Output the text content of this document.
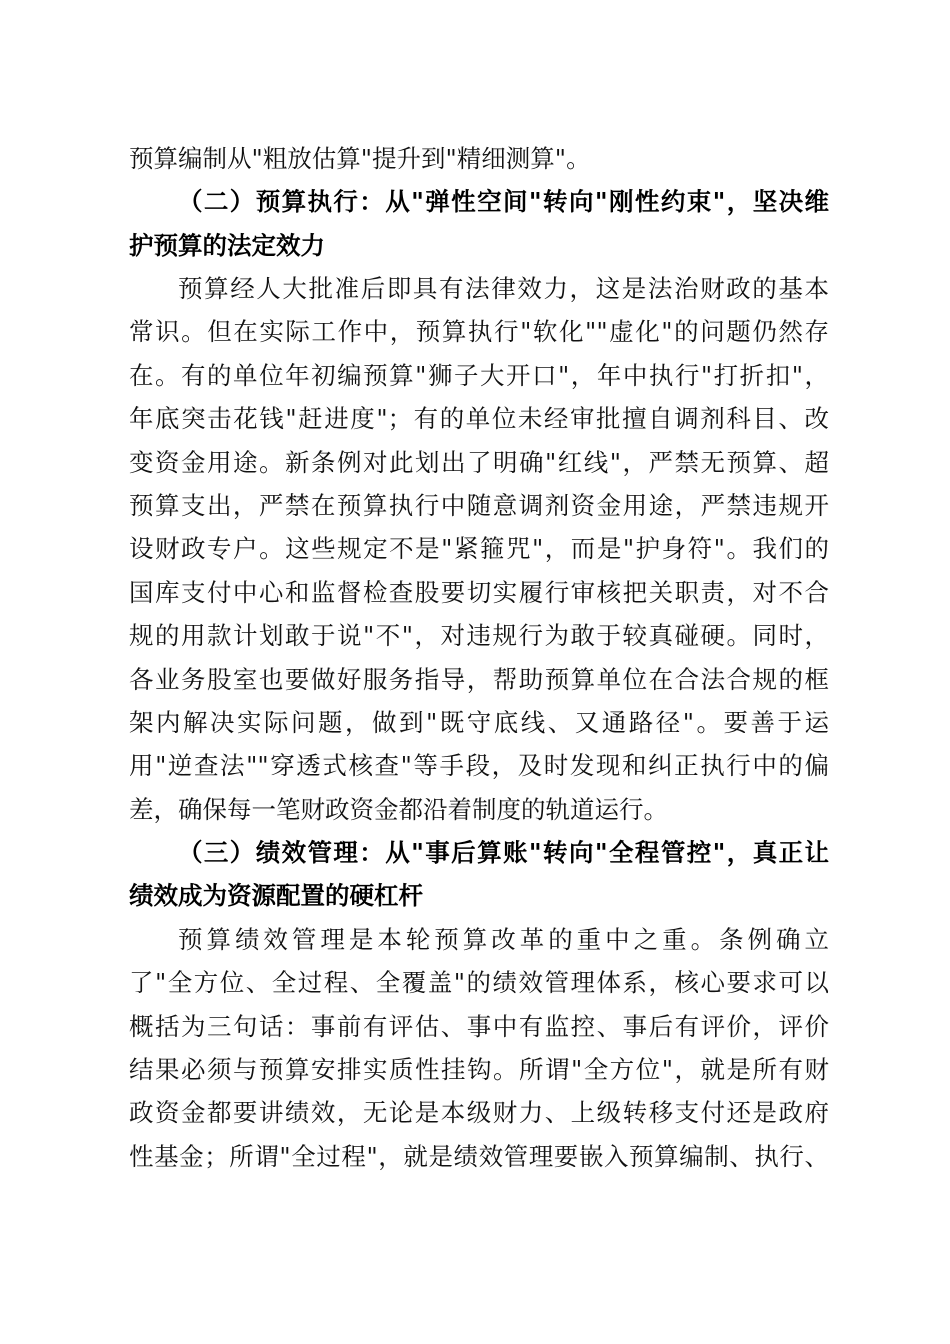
预算编制从"粗放估算"提升到"精细测算"。
（二）预算执行：从"弹性空间"转向"刚性约束"，坚决维
护预算的法定效力
预算经人大批准后即具有法律效力，这是法治财政的基本
常识。但在实际工作中，预算执行"软化""虚化"的问题仍然存
在。有的单位年初编预算"狮子大开口"，年中执行"打折扣"，
年底突击花钱"赶进度"；有的单位未经审批擅自调剂科目、改
变资金用途。新条例对此划出了明确"红线"，严禁无预算、超
预算支出，严禁在预算执行中随意调剂资金用途，严禁违规开
设财政专户。这些规定不是"紧箍咒"，而是"护身符"。我们的
国库支付中心和监督检查股要切实履行审核把关职责，对不合
规的用款计划敢于说"不"，对违规行为敢于较真碰硬。同时，
各业务股室也要做好服务指导，帮助预算单位在合法合规的框
架内解决实际问题，做到"既守底线、又通路径"。要善于运
用"逆查法""穿透式核查"等手段，及时发现和纠正执行中的偏
差，确保每一笔财政资金都沿着制度的轨道运行。
（三）绩效管理：从"事后算账"转向"全程管控"，真正让
绩效成为资源配置的硬杠杆
预算绩效管理是本轮预算改革的重中之重。条例确立
了"全方位、全过程、全覆盖"的绩效管理体系，核心要求可以
概括为三句话：事前有评估、事中有监控、事后有评价，评价
结果必须与预算安排实质性挂钩。所谓"全方位"，就是所有财
政资金都要讲绩效，无论是本级财力、上级转移支付还是政府
性基金；所谓"全过程"，就是绩效管理要嵌入预算编制、执行、
